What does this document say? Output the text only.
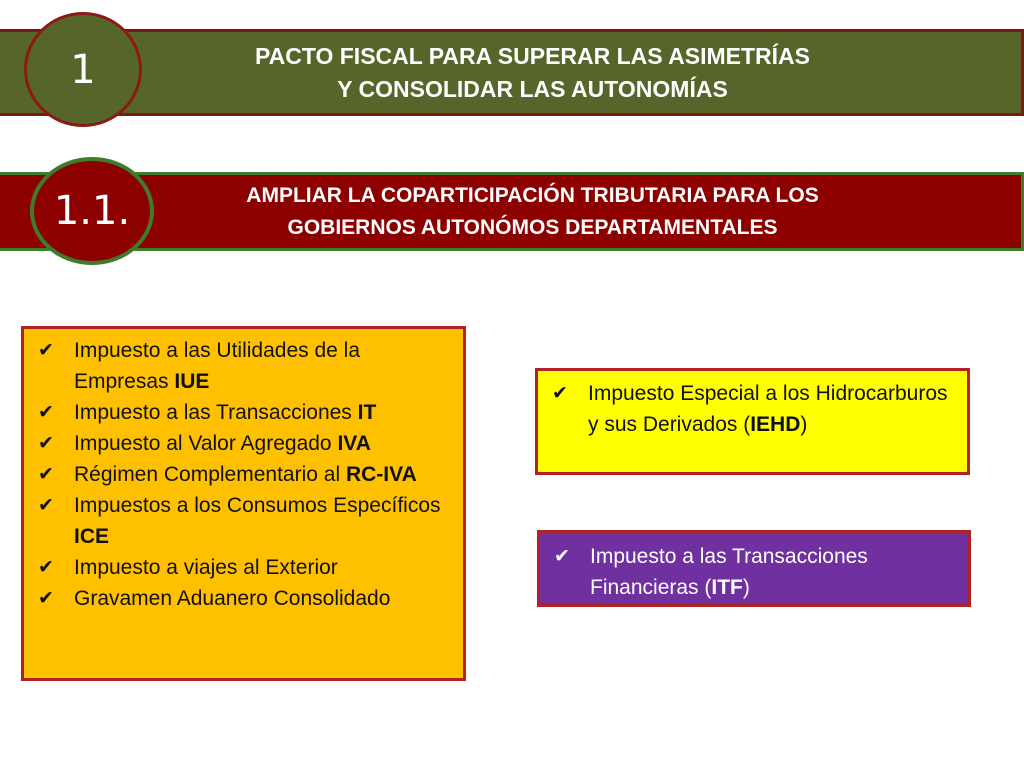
PACTO FISCAL PARA SUPERAR LAS ASIMETRÍAS
Y CONSOLIDAR LAS AUTONOMÍAS
1
AMPLIAR LA COPARTICIPACIÓN TRIBUTARIA PARA LOS
GOBIERNOS AUTONÓMOS DEPARTAMENTALES
1.1.
✔ Impuesto a las Utilidades de la Empresas IUE
✔ Impuesto a las Transacciones IT
✔ Impuesto al Valor Agregado IVA
✔ Régimen Complementario al RC-IVA
✔ Impuestos a los Consumos Específicos ICE
✔ Impuesto a viajes al Exterior
✔ Gravamen Aduanero Consolidado
✔ Impuesto Especial a los Hidrocarburos y sus Derivados (IEHD)
✔ Impuesto a las Transacciones Financieras (ITF)
